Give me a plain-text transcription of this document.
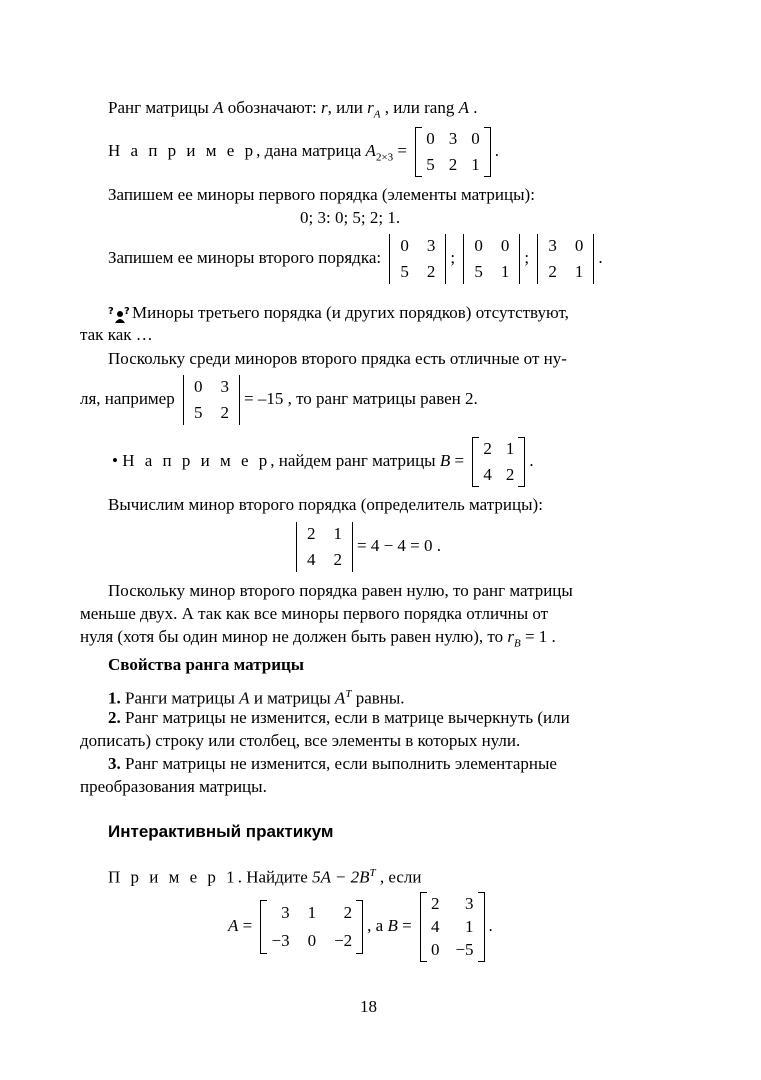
Ранг матрицы A обозначают: r, или $r_A$ , или rang A .
Н а п р и м е р, дана матрица $A_{2\times 3}$ =
0 3 0
5 2 1
.
Запишем ее миноры первого порядка (элементы матрицы):
0; 3: 0; 5; 2; 1.
Запишем ее миноры второго порядка:
0 3
5 2
;
0 0
5 1
;
3 0
2 1
.
? ? Миноры третьего порядка (и других порядков) отсутствуют,
так как …
Поскольку среди миноров второго прядка есть отличные от ну-
ля, например
0 3
5 2
= –15 , то ранг матрицы равен 2.
• Н а п р и м е р, найдем ранг матрицы B =
2 1
4 2
.
Вычислим минор второго порядка (определитель матрицы):
2 1
4 2
= 4 − 4 = 0 .
Поскольку минор второго порядка равен нулю, то ранг матрицы
меньше двух. А так как все миноры первого порядка отличны от
нуля (хотя бы один минор не должен быть равен нулю), то $r_B = 1$ .
Свойства ранга матрицы
1. Ранги матрицы A и матрицы $A^T$ равны.
2. Ранг матрицы не изменится, если в матрице вычеркнуть (или
дописать) строку или столбец, все элементы в которых нули.
3. Ранг матрицы не изменится, если выполнить элементарные
преобразования матрицы.
Интерактивный практикум
П р и м е р 1. Найдите $5A - 2B^T$ , если
A =
3 1	2
−3 0 −2
, а B =
2	3
4	1
0 −5
.
18
